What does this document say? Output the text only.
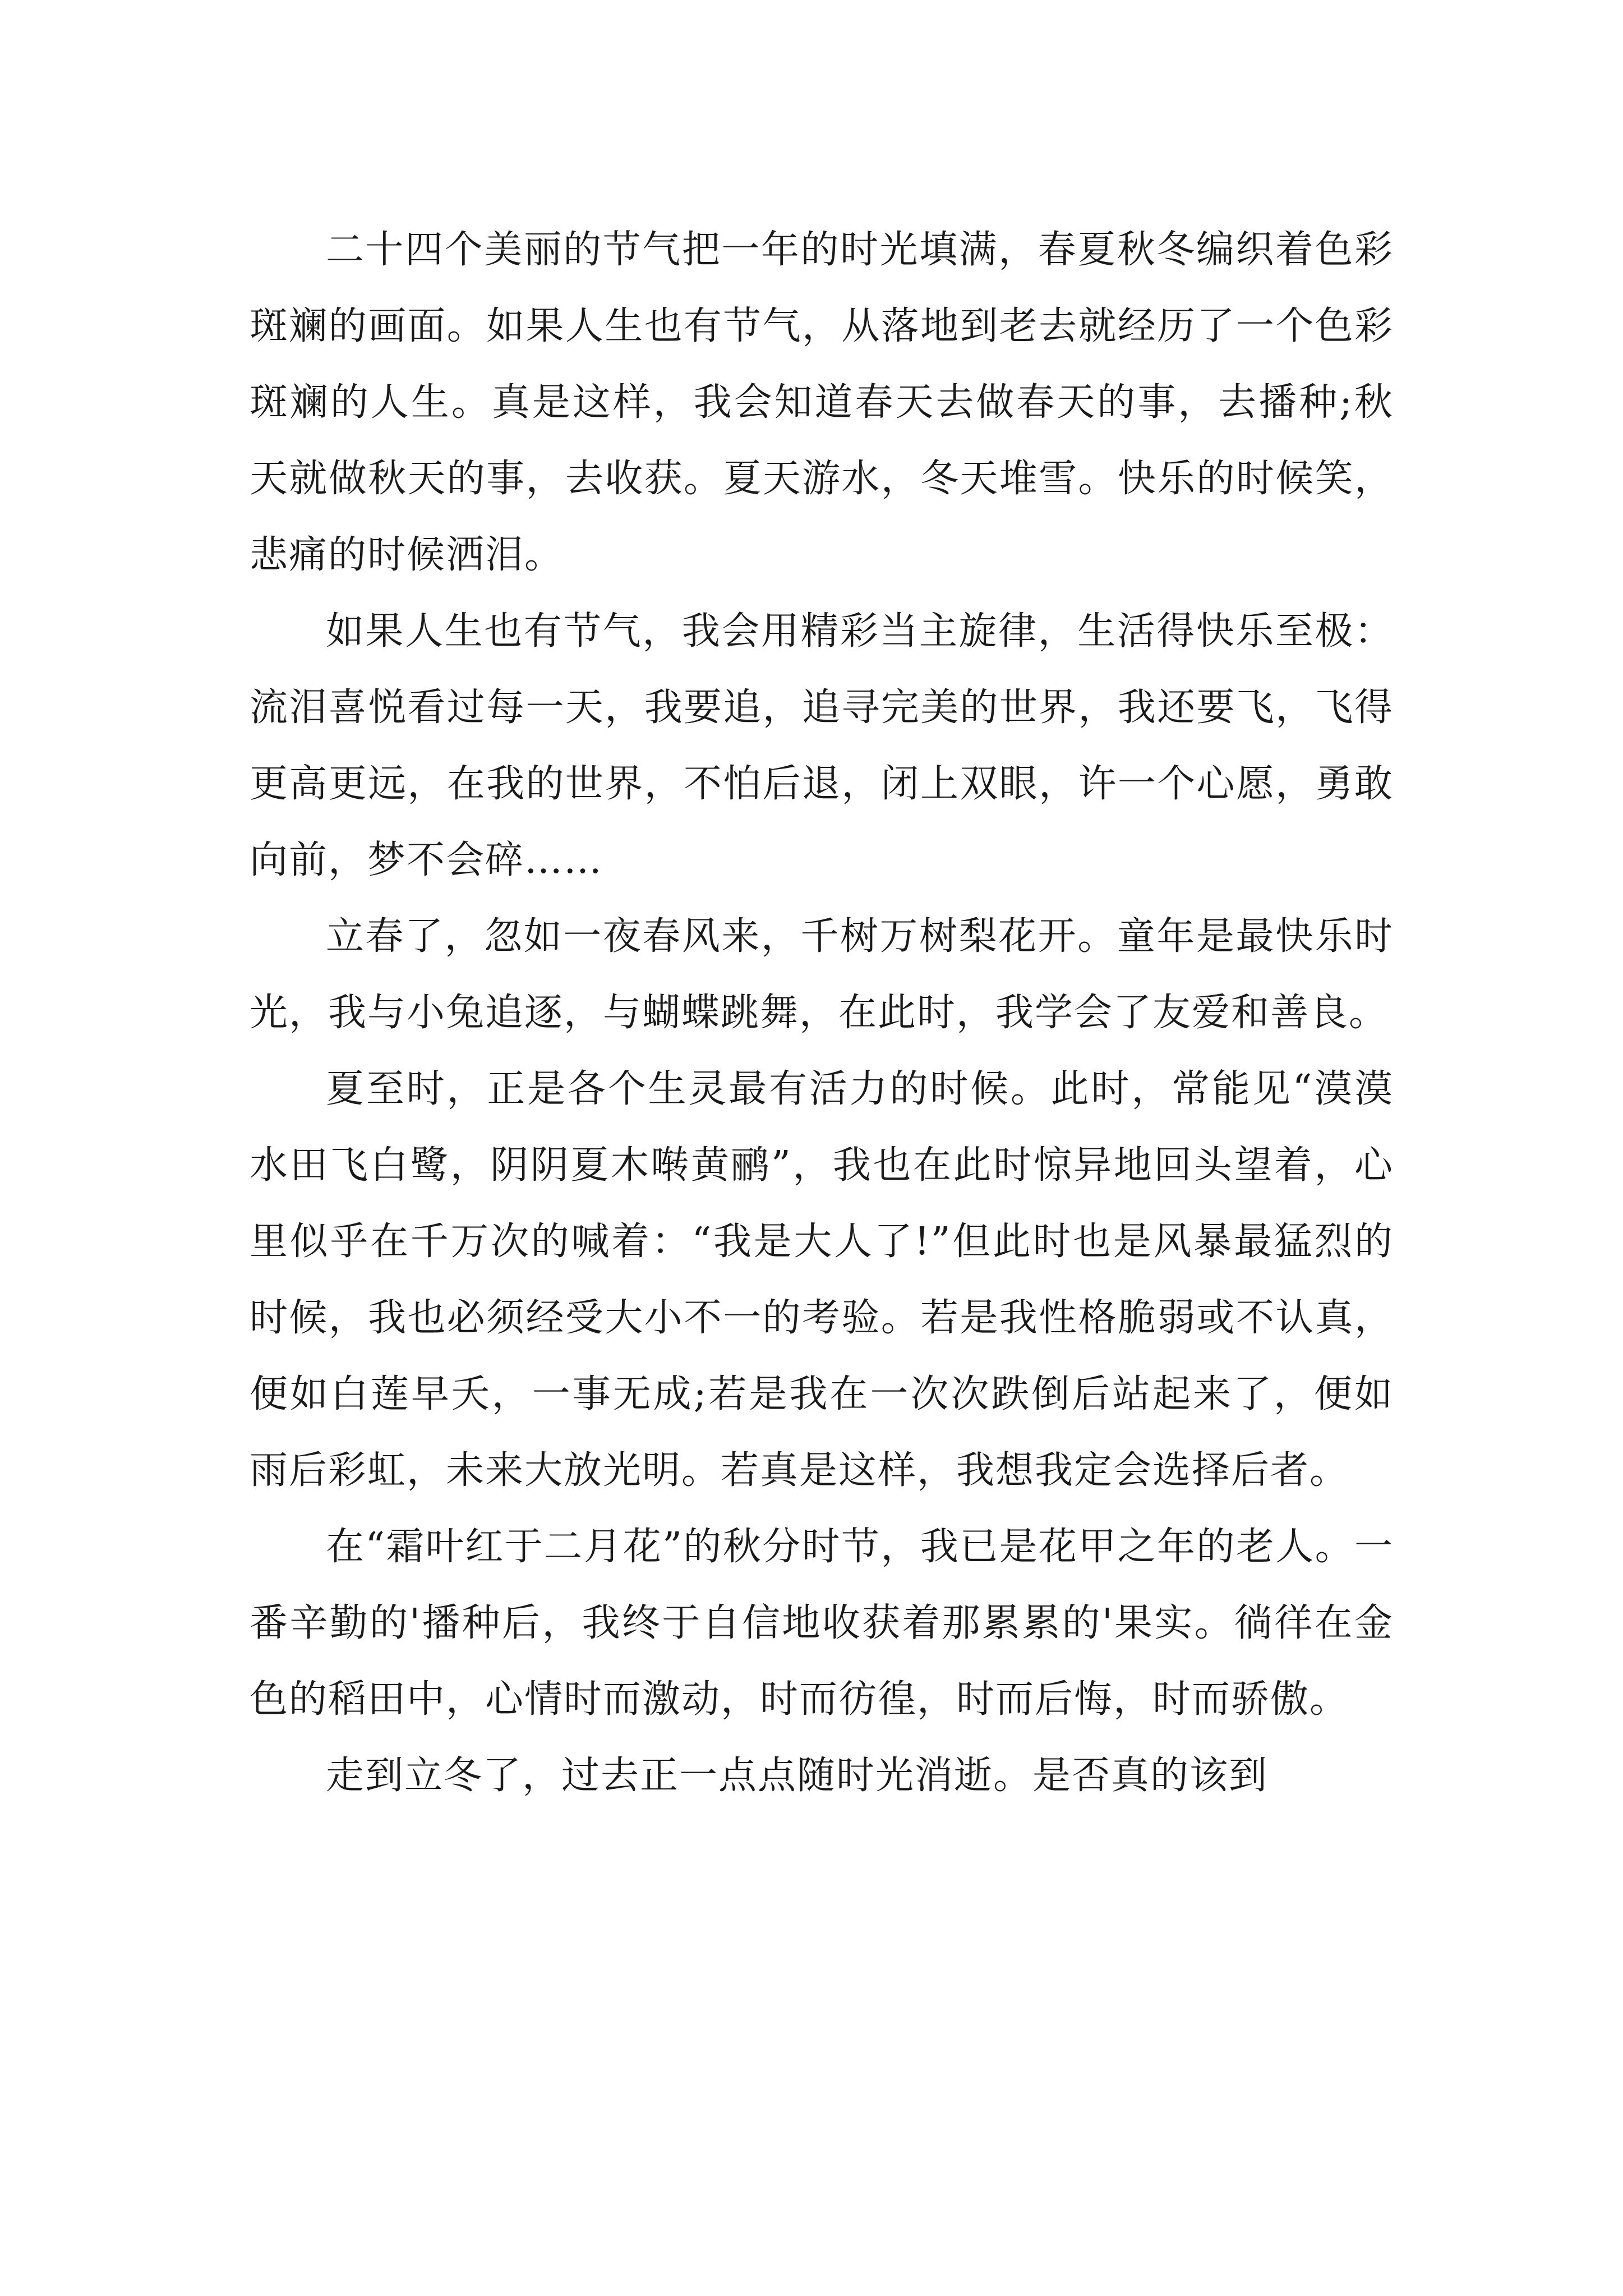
二十四个美丽的节气把一年的时光填满，春夏秋冬编织着色彩斑斓的画面。如果人生也有节气，从落地到老去就经历了一个色彩斑斓的人生。真是这样，我会知道春天去做春天的事，去播种;秋天就做秋天的事，去收获。夏天游水，冬天堆雪。快乐的时候笑，悲痛的时候洒泪。

如果人生也有节气，我会用精彩当主旋律，生活得快乐至极：流泪喜悦看过每一天，我要追，追寻完美的世界，我还要飞，飞得更高更远，在我的世界，不怕后退，闭上双眼，许一个心愿，勇敢向前，梦不会碎……

立春了，忽如一夜春风来，千树万树梨花开。童年是最快乐时光，我与小兔追逐，与蝴蝶跳舞，在此时，我学会了友爱和善良。

夏至时，正是各个生灵最有活力的时候。此时，常能见“漠漠水田飞白鹭，阴阴夏木啭黄鹂”，我也在此时惊异地回头望着，心里似乎在千万次的喊着：“我是大人了!”但此时也是风暴最猛烈的时候，我也必须经受大小不一的考验。若是我性格脆弱或不认真，便如白莲早夭，一事无成;若是我在一次次跌倒后站起来了，便如雨后彩虹，未来大放光明。若真是这样，我想我定会选择后者。

在“霜叶红于二月花”的秋分时节，我已是花甲之年的老人。一番辛勤的'播种后，我终于自信地收获着那累累的'果实。徜徉在金色的稻田中，心情时而激动，时而彷徨，时而后悔，时而骄傲。

走到立冬了，过去正一点点随时光消逝。是否真的该到
